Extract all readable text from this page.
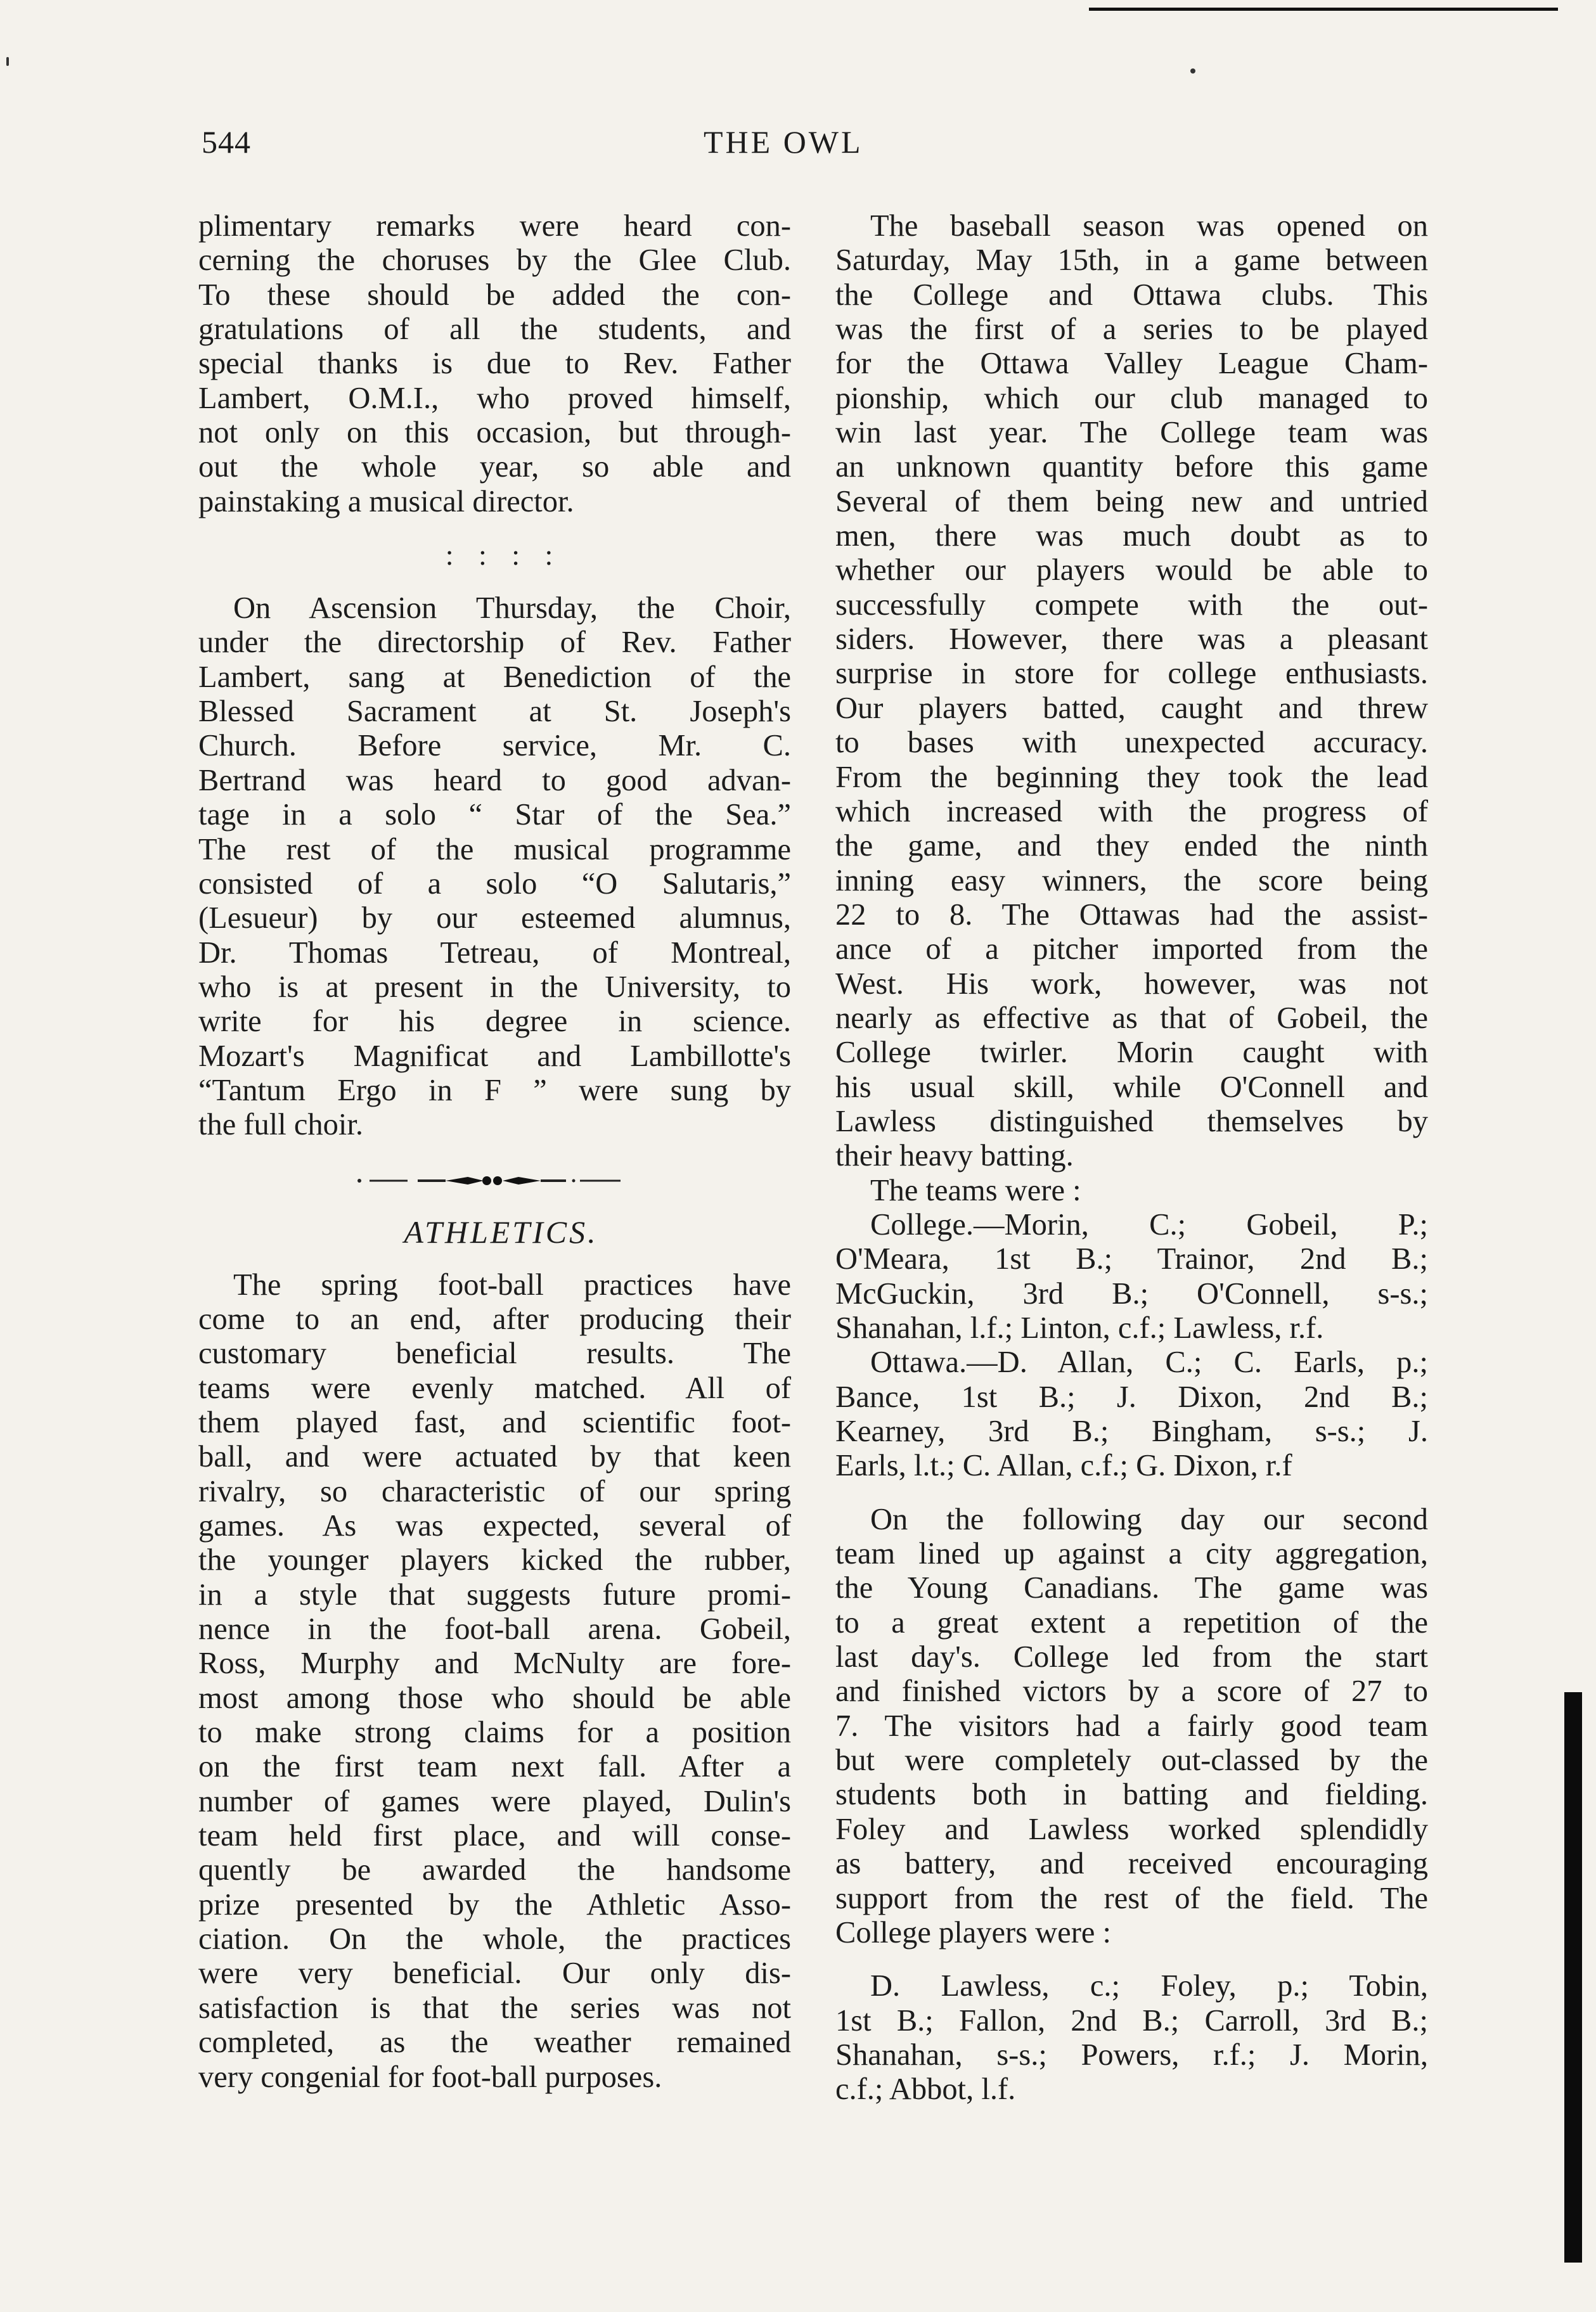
544	THE OWL
plimentary remarks were heard con-
cerning the choruses by the Glee Club.
To these should be added the con-
gratulations of all the students, and
special thanks is due to Rev. Father
Lambert, O.M.I., who proved himself,
not only on this occasion, but through-
out the whole year, so able and
painstaking a musical director.
: : : :
On Ascension Thursday, the Choir,
under the directorship of Rev. Father
Lambert, sang at Benediction of the
Blessed Sacrament at St. Joseph's
Church. Before service, Mr. C.
Bertrand was heard to good advan-
tage in a solo “ Star of the Sea.”
The rest of the musical programme
consisted of a solo “O Salutaris,”
(Lesueur) by our esteemed alumnus,
Dr. Thomas Tetreau, of Montreal,
who is at present in the University, to
write for his degree in science.
Mozart's Magnificat and Lambillotte's
“Tantum Ergo in F ” were sung by
the full choir.
ATHLETICS.
The spring foot-ball practices have
come to an end, after producing their
customary beneficial results. The
teams were evenly matched. All of
them played fast, and scientific foot-
ball, and were actuated by that keen
rivalry, so characteristic of our spring
games. As was expected, several of
the younger players kicked the rubber,
in a style that suggests future promi-
nence in the foot-ball arena. Gobeil,
Ross, Murphy and McNulty are fore-
most among those who should be able
to make strong claims for a position
on the first team next fall. After a
number of games were played, Dulin's
team held first place, and will conse-
quently be awarded the handsome
prize presented by the Athletic Asso-
ciation. On the whole, the practices
were very beneficial. Our only dis-
satisfaction is that the series was not
completed, as the weather remained
very congenial for foot-ball purposes.
The baseball season was opened on
Saturday, May 15th, in a game between
the College and Ottawa clubs. This
was the first of a series to be played
for the Ottawa Valley League Cham-
pionship, which our club managed to
win last year. The College team was
an unknown quantity before this game
Several of them being new and untried
men, there was much doubt as to
whether our players would be able to
successfully compete with the out-
siders. However, there was a pleasant
surprise in store for college enthusiasts.
Our players batted, caught and threw
to bases with unexpected accuracy.
From the beginning they took the lead
which increased with the progress of
the game, and they ended the ninth
inning easy winners, the score being
22 to 8. The Ottawas had the assist-
ance of a pitcher imported from the
West. His work, however, was not
nearly as effective as that of Gobeil, the
College twirler. Morin caught with
his usual skill, while O'Connell and
Lawless distinguished themselves by
their heavy batting.
The teams were :
College.—Morin, C.; Gobeil, P.;
O'Meara, 1st B.; Trainor, 2nd B.;
McGuckin, 3rd B.; O'Connell, s-s.;
Shanahan, l.f.; Linton, c.f.; Lawless, r.f.
Ottawa.—D. Allan, C.; C. Earls, p.;
Bance, 1st B.; J. Dixon, 2nd B.;
Kearney, 3rd B.; Bingham, s-s.; J.
Earls, l.t.; C. Allan, c.f.; G. Dixon, r.f
On the following day our second
team lined up against a city aggregation,
the Young Canadians. The game was
to a great extent a repetition of the
last day's. College led from the start
and finished victors by a score of 27 to
7. The visitors had a fairly good team
but were completely out-classed by the
students both in batting and fielding.
Foley and Lawless worked splendidly
as battery, and received encouraging
support from the rest of the field. The
College players were :
D. Lawless, c.; Foley, p.; Tobin,
1st B.; Fallon, 2nd B.; Carroll, 3rd B.;
Shanahan, s-s.; Powers, r.f.; J. Morin,
c.f.; Abbot, l.f.
